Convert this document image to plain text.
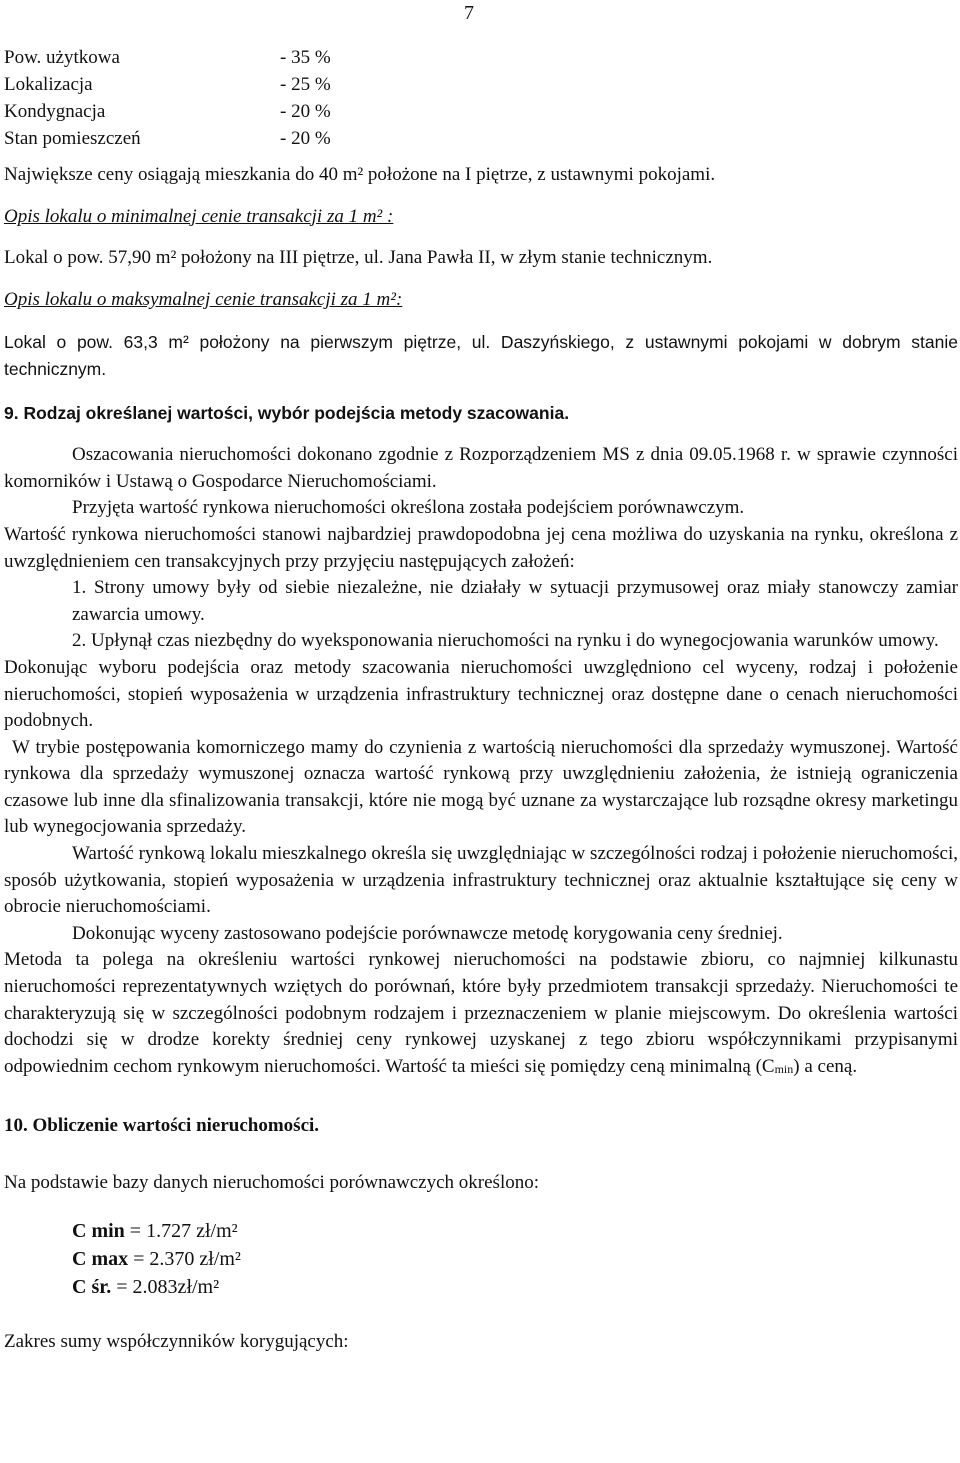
7
Pow. użytkowa	- 35 %
Lokalizacja	- 25 %
Kondygnacja	- 20 %
Stan pomieszczeń	- 20 %

Największe ceny osiągają mieszkania do 40 m² położone na I piętrze, z ustawnymi pokojami.

Opis lokalu o minimalnej cenie transakcji za 1 m² :

Lokal o pow. 57,90 m² położony na III piętrze, ul. Jana Pawła II, w złym stanie technicznym.

Opis lokalu o maksymalnej cenie transakcji za 1 m²:

Lokal o pow. 63,3 m² położony na pierwszym piętrze, ul. Daszyńskiego, z ustawnymi pokojami w dobrym stanie technicznym.

9. Rodzaj określanej wartości, wybór podejścia metody szacowania.

Oszacowania nieruchomości dokonano zgodnie z Rozporządzeniem MS z dnia 09.05.1968 r. w sprawie czynności komorników i Ustawą o Gospodarce Nieruchomościami.

Przyjęta wartość rynkowa nieruchomości określona została podejściem porównawczym.

Wartość rynkowa nieruchomości stanowi najbardziej prawdopodobna jej cena możliwa do uzyskania na rynku, określona z uwzględnieniem cen transakcyjnych przy przyjęciu następujących założeń:

1. Strony umowy były od siebie niezależne, nie działały w sytuacji przymusowej oraz miały stanowczy zamiar zawarcia umowy.

2. Upłynął czas niezbędny do wyeksponowania nieruchomości na rynku i do wynegocjowania warunków umowy.

Dokonując wyboru podejścia oraz metody szacowania nieruchomości uwzględniono cel wyceny, rodzaj i położenie nieruchomości, stopień wyposażenia w urządzenia infrastruktury technicznej oraz dostępne dane o cenach nieruchomości podobnych.

W trybie postępowania komorniczego mamy do czynienia z wartością nieruchomości dla sprzedaży wymuszonej. Wartość rynkowa dla sprzedaży wymuszonej oznacza wartość rynkową przy uwzględnieniu założenia, że istnieją ograniczenia czasowe lub inne dla sfinalizowania transakcji, które nie mogą być uznane za wystarczające lub rozsądne okresy marketingu lub wynegocjowania sprzedaży.

Wartość rynkową lokalu mieszkalnego określa się uwzględniając w szczególności rodzaj i położenie nieruchomości, sposób użytkowania, stopień wyposażenia w urządzenia infrastruktury technicznej oraz aktualnie kształtujące się ceny w obrocie nieruchomościami.

Dokonując wyceny zastosowano podejście porównawcze metodę korygowania ceny średniej.

Metoda ta polega na określeniu wartości rynkowej nieruchomości na podstawie zbioru, co najmniej kilkunastu nieruchomości reprezentatywnych wziętych do porównań, które były przedmiotem transakcji sprzedaży. Nieruchomości te charakteryzują się w szczególności podobnym rodzajem i przeznaczeniem w planie miejscowym. Do określenia wartości dochodzi się w drodze korekty średniej ceny rynkowej uzyskanej z tego zbioru współczynnikami przypisanymi odpowiednim cechom rynkowym nieruchomości. Wartość ta mieści się pomiędzy ceną minimalną $(C_{min})$ a ceną.

10. Obliczenie wartości nieruchomości.

Na podstawie bazy danych nieruchomości porównawczych określono:

C min = 1.727 zł/m²
C max = 2.370 zł/m²
C śr. = 2.083zł/m²

Zakres sumy współczynników korygujących:
